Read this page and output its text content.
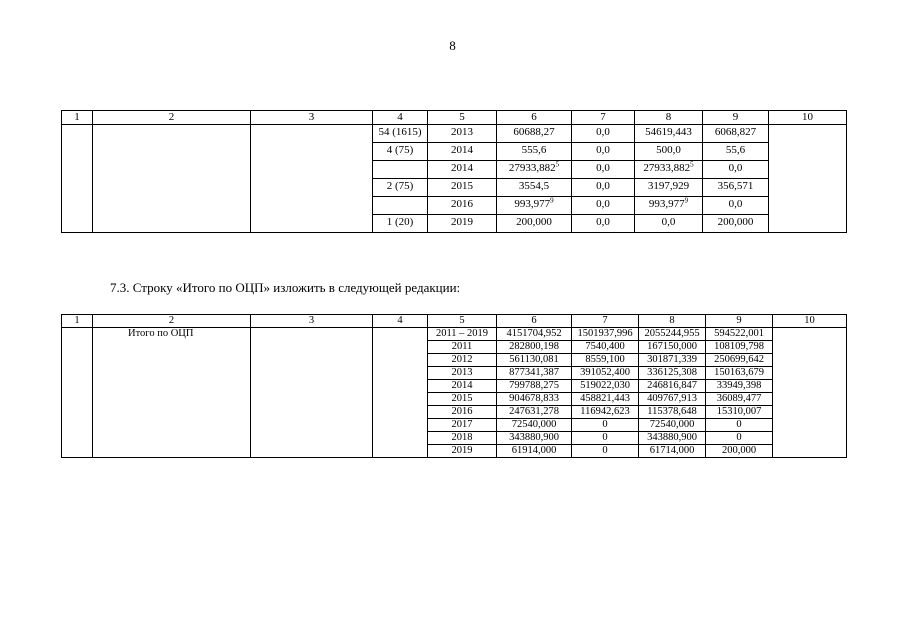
8
1	2	3	4	5	6	7	8	9	10
			54 (1615)	2013	60688,27	0,0	54619,443	6068,827	
			4 (75)	2014	555,6	0,0	500,0	55,6	
				2014	27933,882$^5$	0,0	27933,882$^5$	0,0	
			2 (75)	2015	3554,5	0,0	3197,929	356,571	
				2016	993,977$^9$	0,0	993,977$^9$	0,0	
			1 (20)	2019	200,000	0,0	0,0	200,000	
7.3. Строку «Итого по ОЦП» изложить в следующей редакции:
1	2	3	4	5	6	7	8	9	10
	Итого по ОЦП			2011 – 2019	4151704,952	1501937,996	2055244,955	594522,001	
				2011	282800,198	7540,400	167150,000	108109,798	
				2012	561130,081	8559,100	301871,339	250699,642	
				2013	877341,387	391052,400	336125,308	150163,679	
				2014	799788,275	519022,030	246816,847	33949,398	
				2015	904678,833	458821,443	409767,913	36089,477	
				2016	247631,278	116942,623	115378,648	15310,007	
				2017	72540,000	0	72540,000	0	
				2018	343880,900	0	343880,900	0	
				2019	61914,000	0	61714,000	200,000	
